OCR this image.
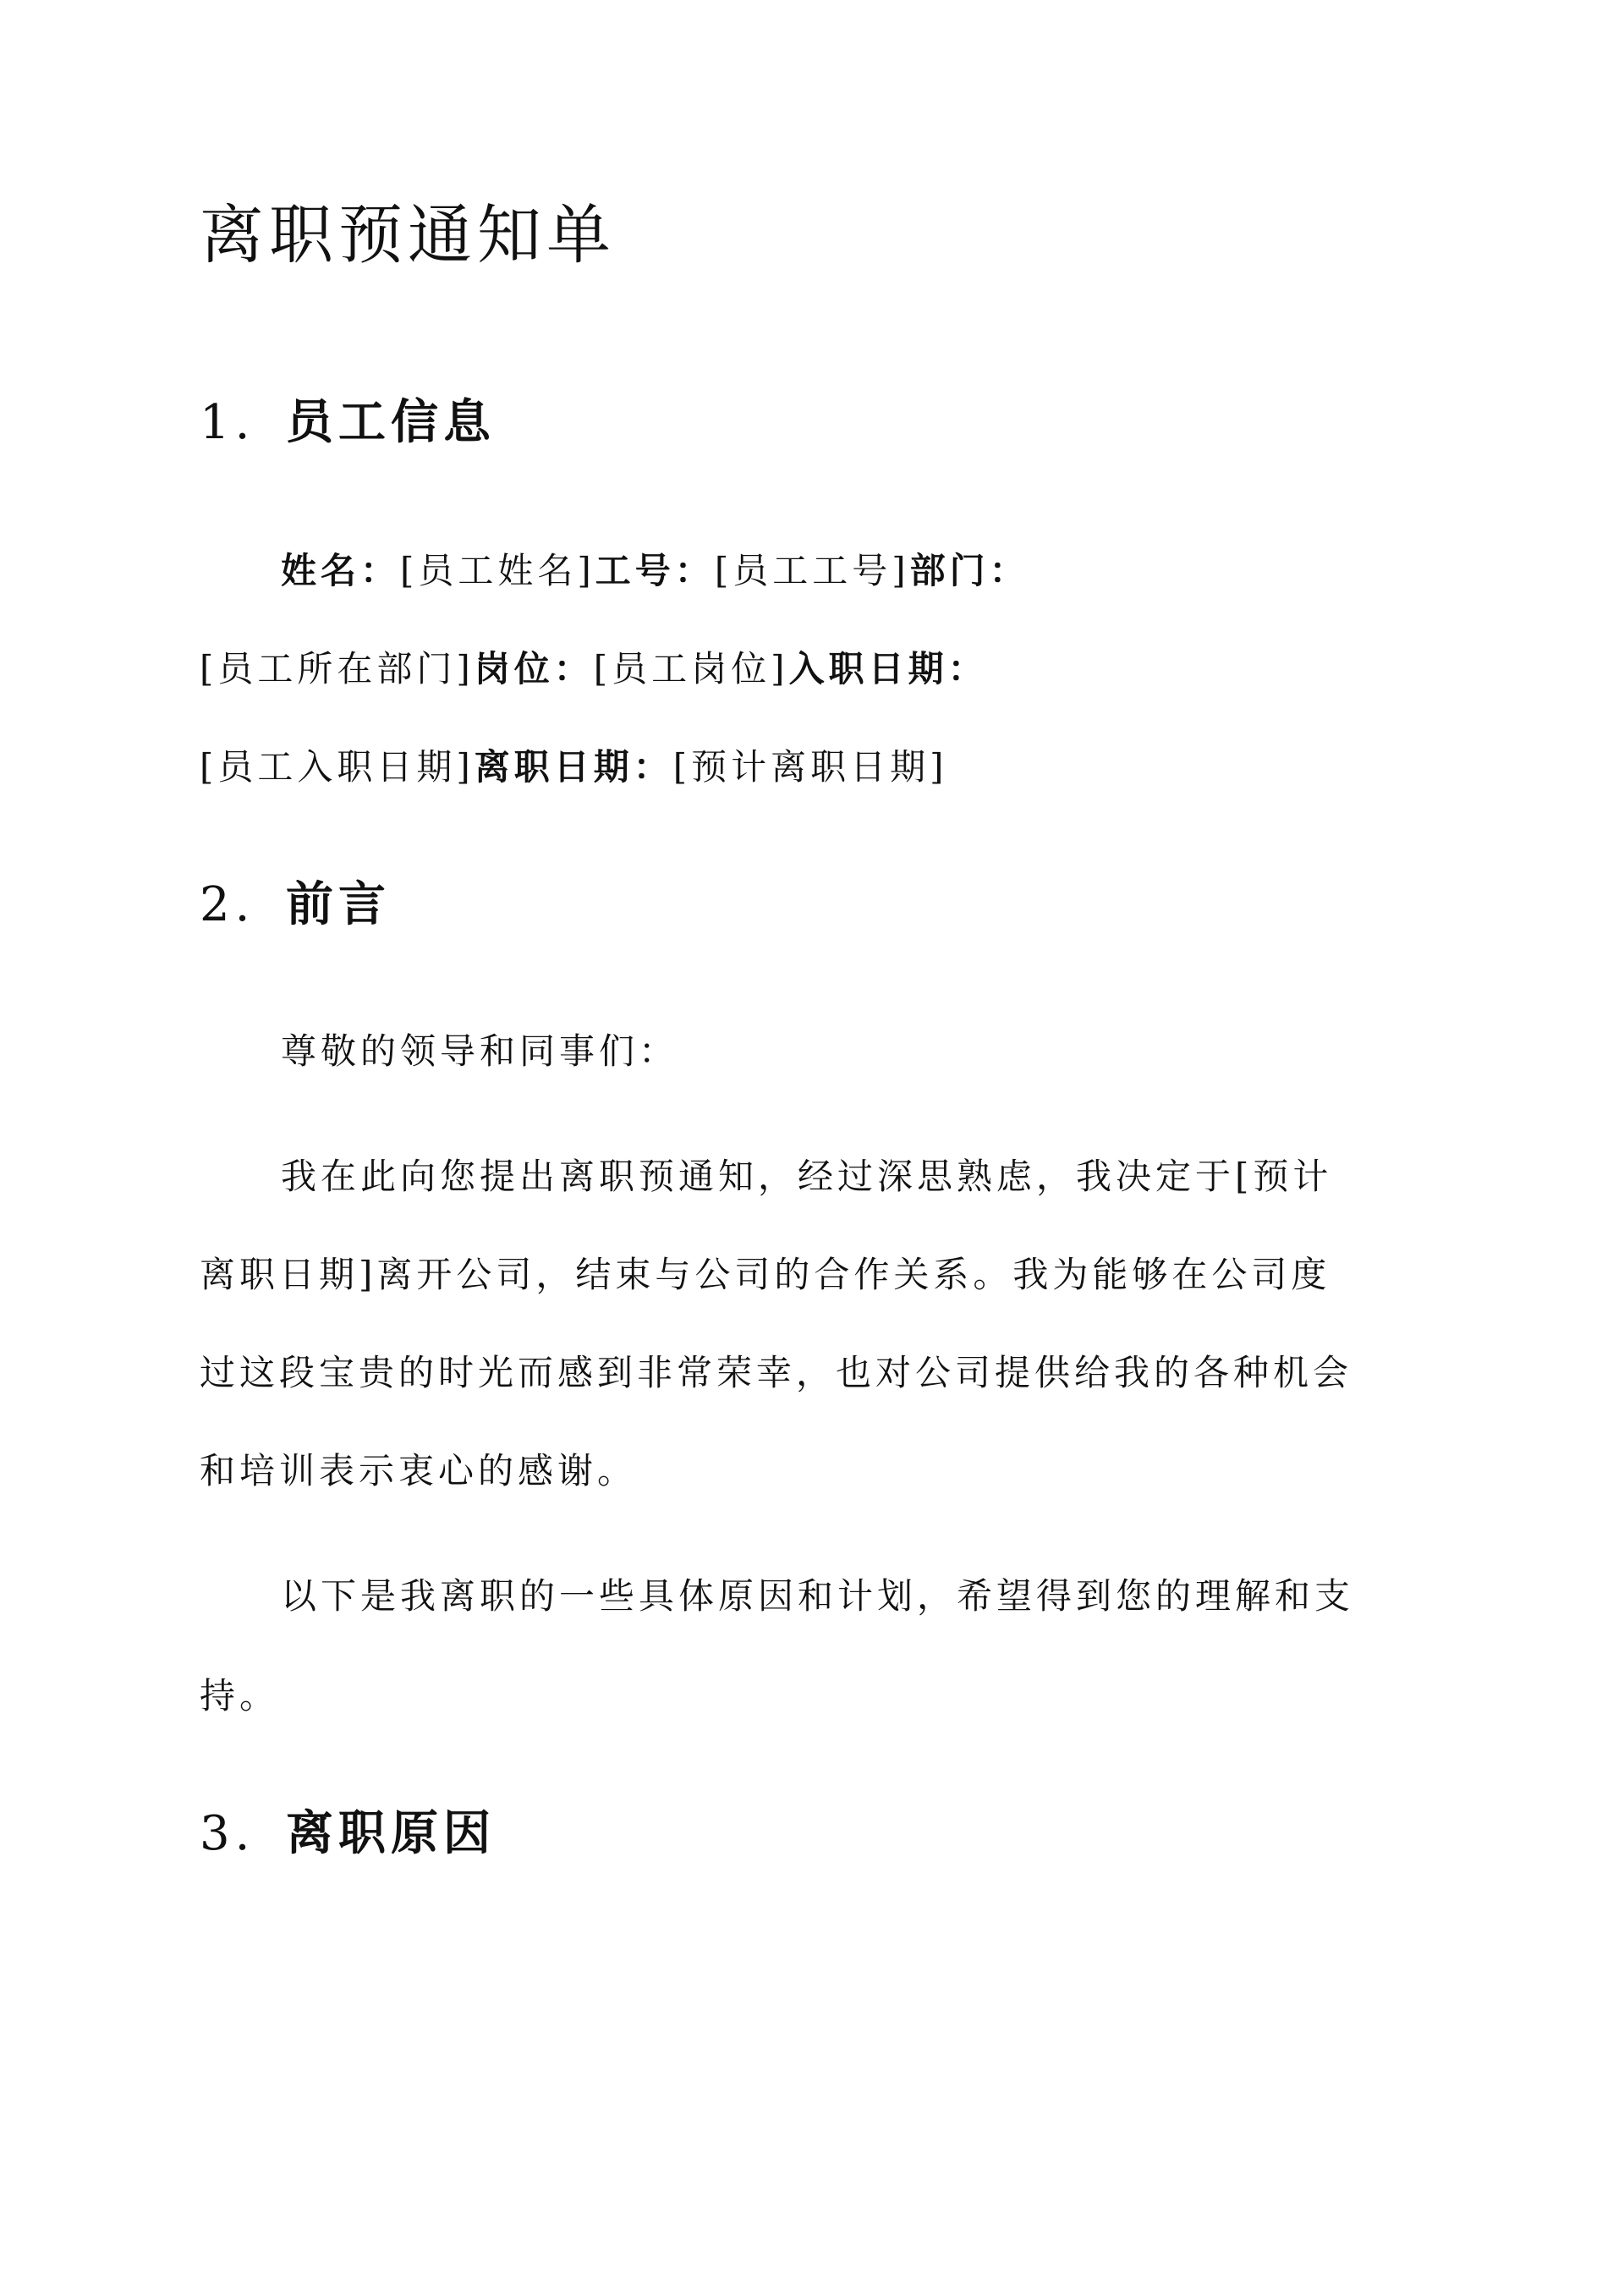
离职预通知单
1. 员工信息
姓名：[员工姓名]工号：[员工工号]部门：
[员工所在部门]岗位：[员工岗位]入职日期：
[员工入职日期]离职日期：[预计离职日期]
2. 前言
尊敬的领导和同事们：
我在此向您提出离职预通知，经过深思熟虑，我决定于[预计
离职日期]离开公司，结束与公司的合作关系。我为能够在公司度
过这段宝贵的时光而感到非常荣幸，也对公司提供给我的各种机会
和培训表示衷心的感谢。
以下是我离职的一些具体原因和计划，希望得到您的理解和支
持。
3. 离职原因
